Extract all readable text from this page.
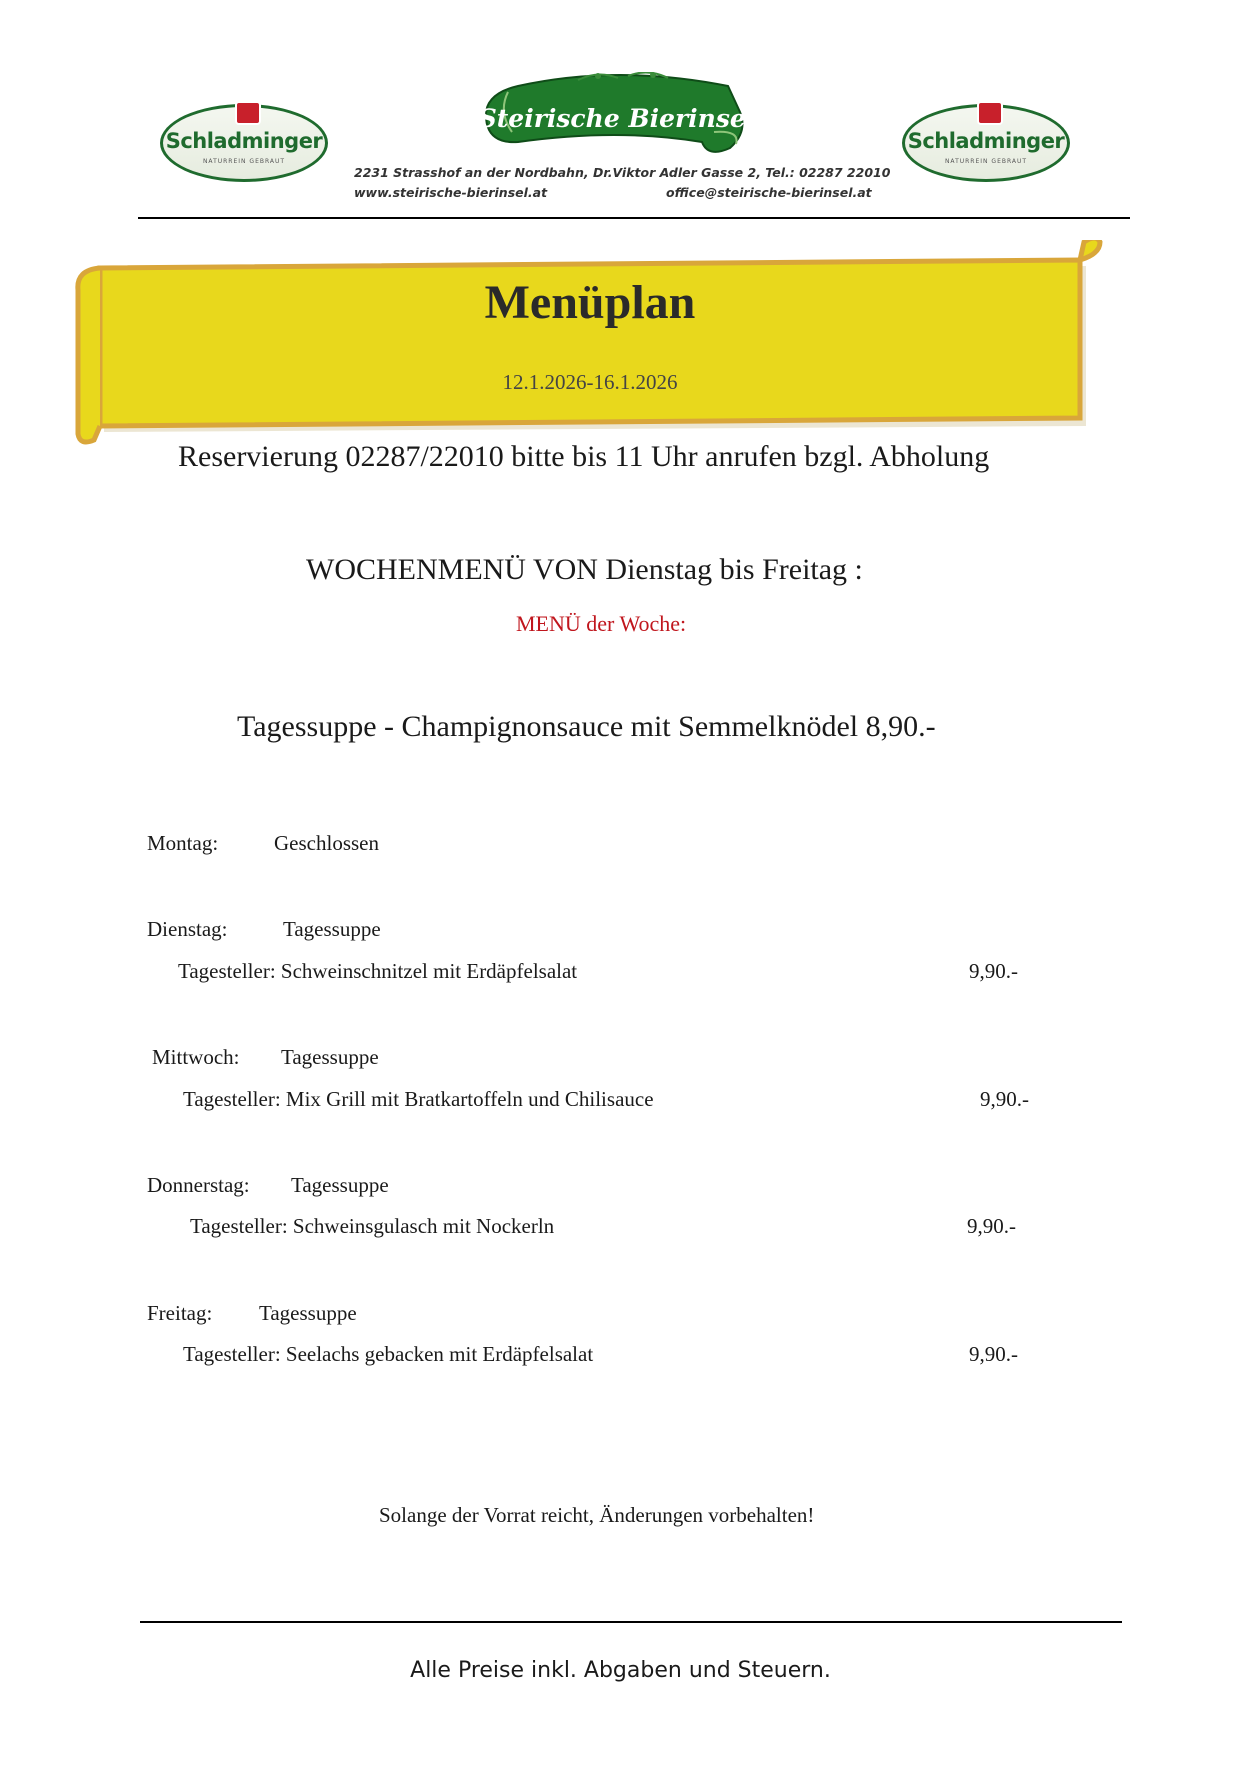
Schladminger
NATURREIN GEBRAUT
Steirische Bierinsel
Schladminger
NATURREIN GEBRAUT
2231 Strasshof an der Nordbahn, Dr.Viktor Adler Gasse 2, Tel.: 02287 22010
www.steirische-bierinsel.at	office@steirische-bierinsel.at
Menüplan
12.1.2026-16.1.2026
Reservierung 02287/22010 bitte bis 11 Uhr anrufen bzgl. Abholung
WOCHENMENÜ VON Dienstag bis Freitag :
MENÜ der Woche:
Tagessuppe - Champignonsauce mit Semmelknödel 8,90.-
Montag:	Geschlossen
Dienstag:	Tagessuppe
Tagesteller: Schweinschnitzel mit Erdäpfelsalat	9,90.-
Mittwoch: Tagessuppe
Tagesteller: Mix Grill mit Bratkartoffeln und Chilisauce	9,90.-
Donnerstag: Tagessuppe
Tagesteller: Schweinsgulasch mit Nockerln	9,90.-
Freitag: Tagessuppe
Tagesteller: Seelachs gebacken mit Erdäpfelsalat	9,90.-
Solange der Vorrat reicht, Änderungen vorbehalten!
Alle Preise inkl. Abgaben und Steuern.
